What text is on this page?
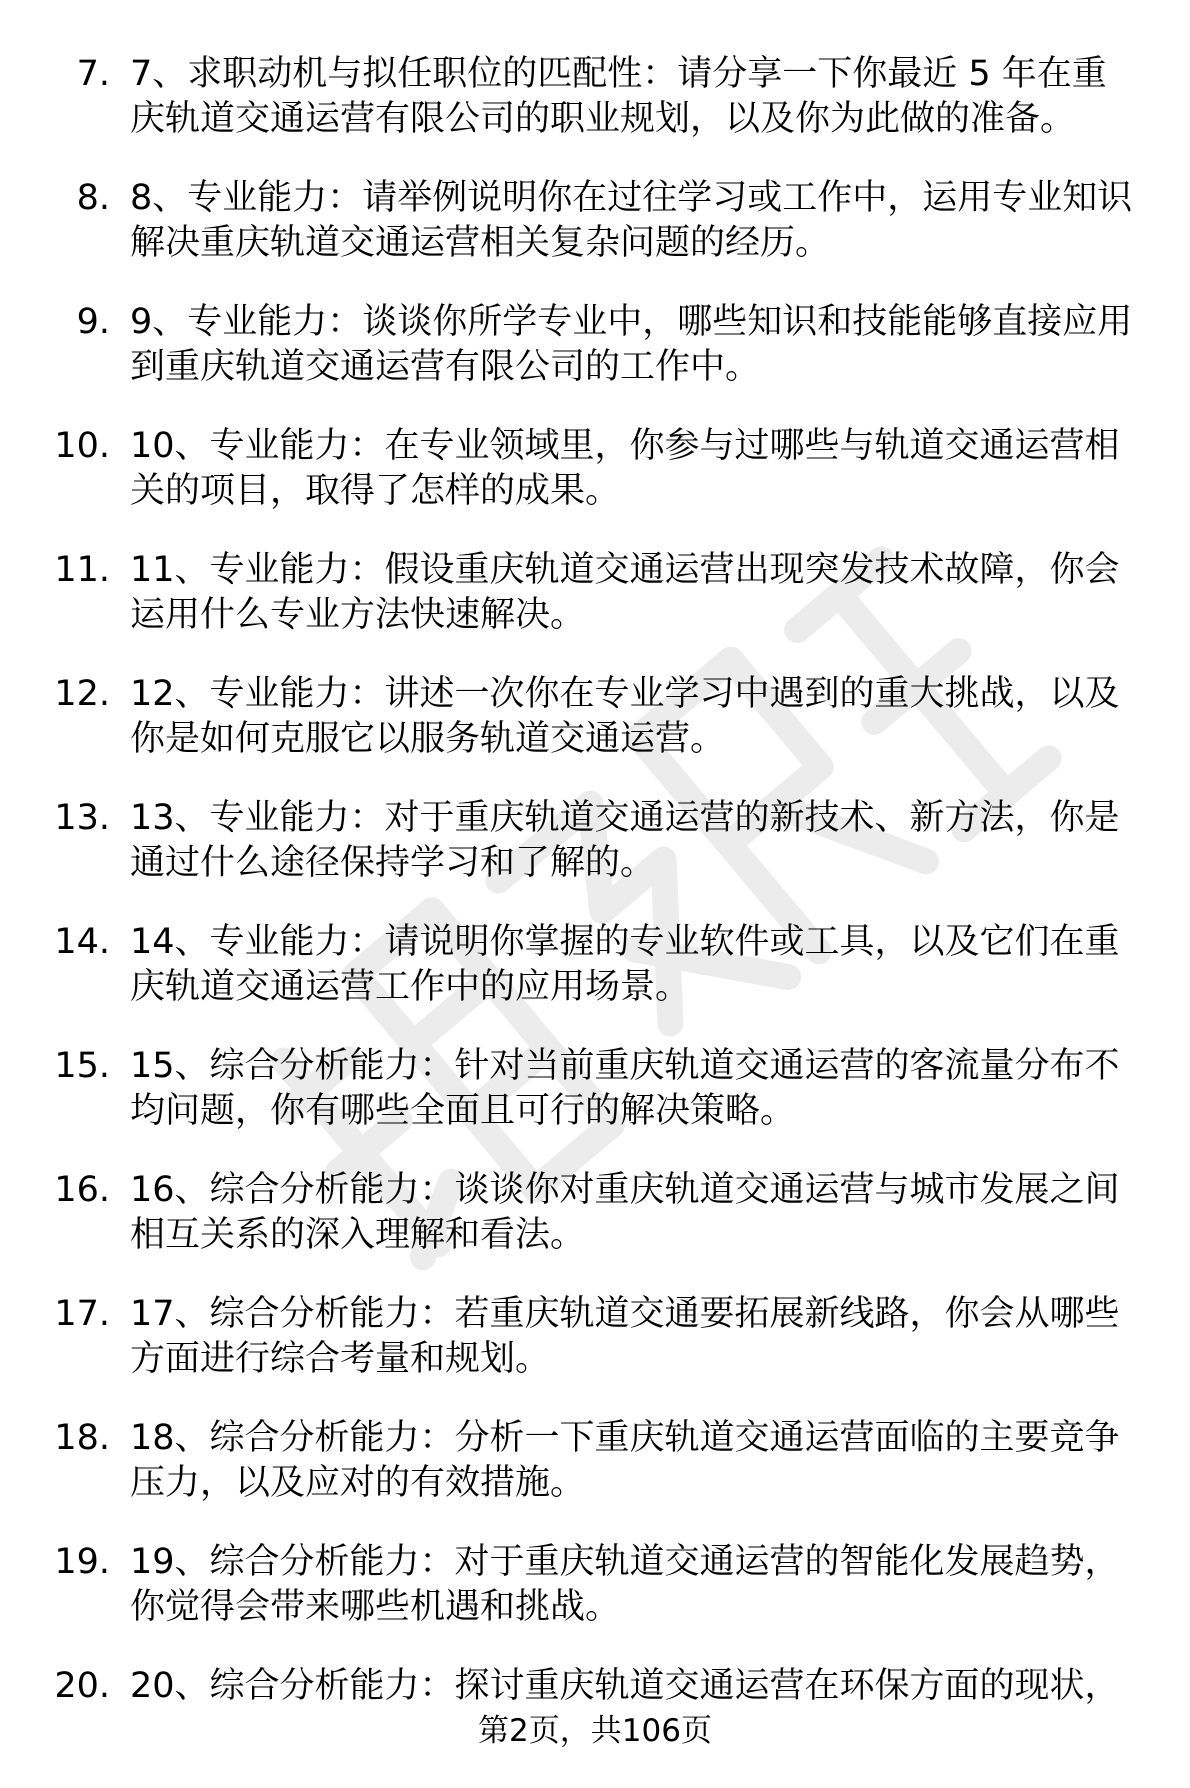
7. 7、求职动机与拟任职位的匹配性：请分享一下你最近 5 年在重
庆轨道交通运营有限公司的职业规划，以及你为此做的准备。
8. 8、专业能力：请举例说明你在过往学习或工作中，运用专业知识
解决重庆轨道交通运营相关复杂问题的经历。
9. 9、专业能力：谈谈你所学专业中，哪些知识和技能能够直接应用
到重庆轨道交通运营有限公司的工作中。
10. 10、专业能力：在专业领域里，你参与过哪些与轨道交通运营相
关的项目，取得了怎样的成果。
11. 11、专业能力：假设重庆轨道交通运营出现突发技术故障，你会
运用什么专业方法快速解决。
12. 12、专业能力：讲述一次你在专业学习中遇到的重大挑战，以及
你是如何克服它以服务轨道交通运营。
13. 13、专业能力：对于重庆轨道交通运营的新技术、新方法，你是
通过什么途径保持学习和了解的。
14. 14、专业能力：请说明你掌握的专业软件或工具，以及它们在重
庆轨道交通运营工作中的应用场景。
15. 15、综合分析能力：针对当前重庆轨道交通运营的客流量分布不
均问题，你有哪些全面且可行的解决策略。
16. 16、综合分析能力：谈谈你对重庆轨道交通运营与城市发展之间
相互关系的深入理解和看法。
17. 17、综合分析能力：若重庆轨道交通要拓展新线路，你会从哪些
方面进行综合考量和规划。
18. 18、综合分析能力：分析一下重庆轨道交通运营面临的主要竞争
压力，以及应对的有效措施。
19. 19、综合分析能力：对于重庆轨道交通运营的智能化发展趋势，
你觉得会带来哪些机遇和挑战。
20. 20、综合分析能力：探讨重庆轨道交通运营在环保方面的现状，
第2页，共106页
